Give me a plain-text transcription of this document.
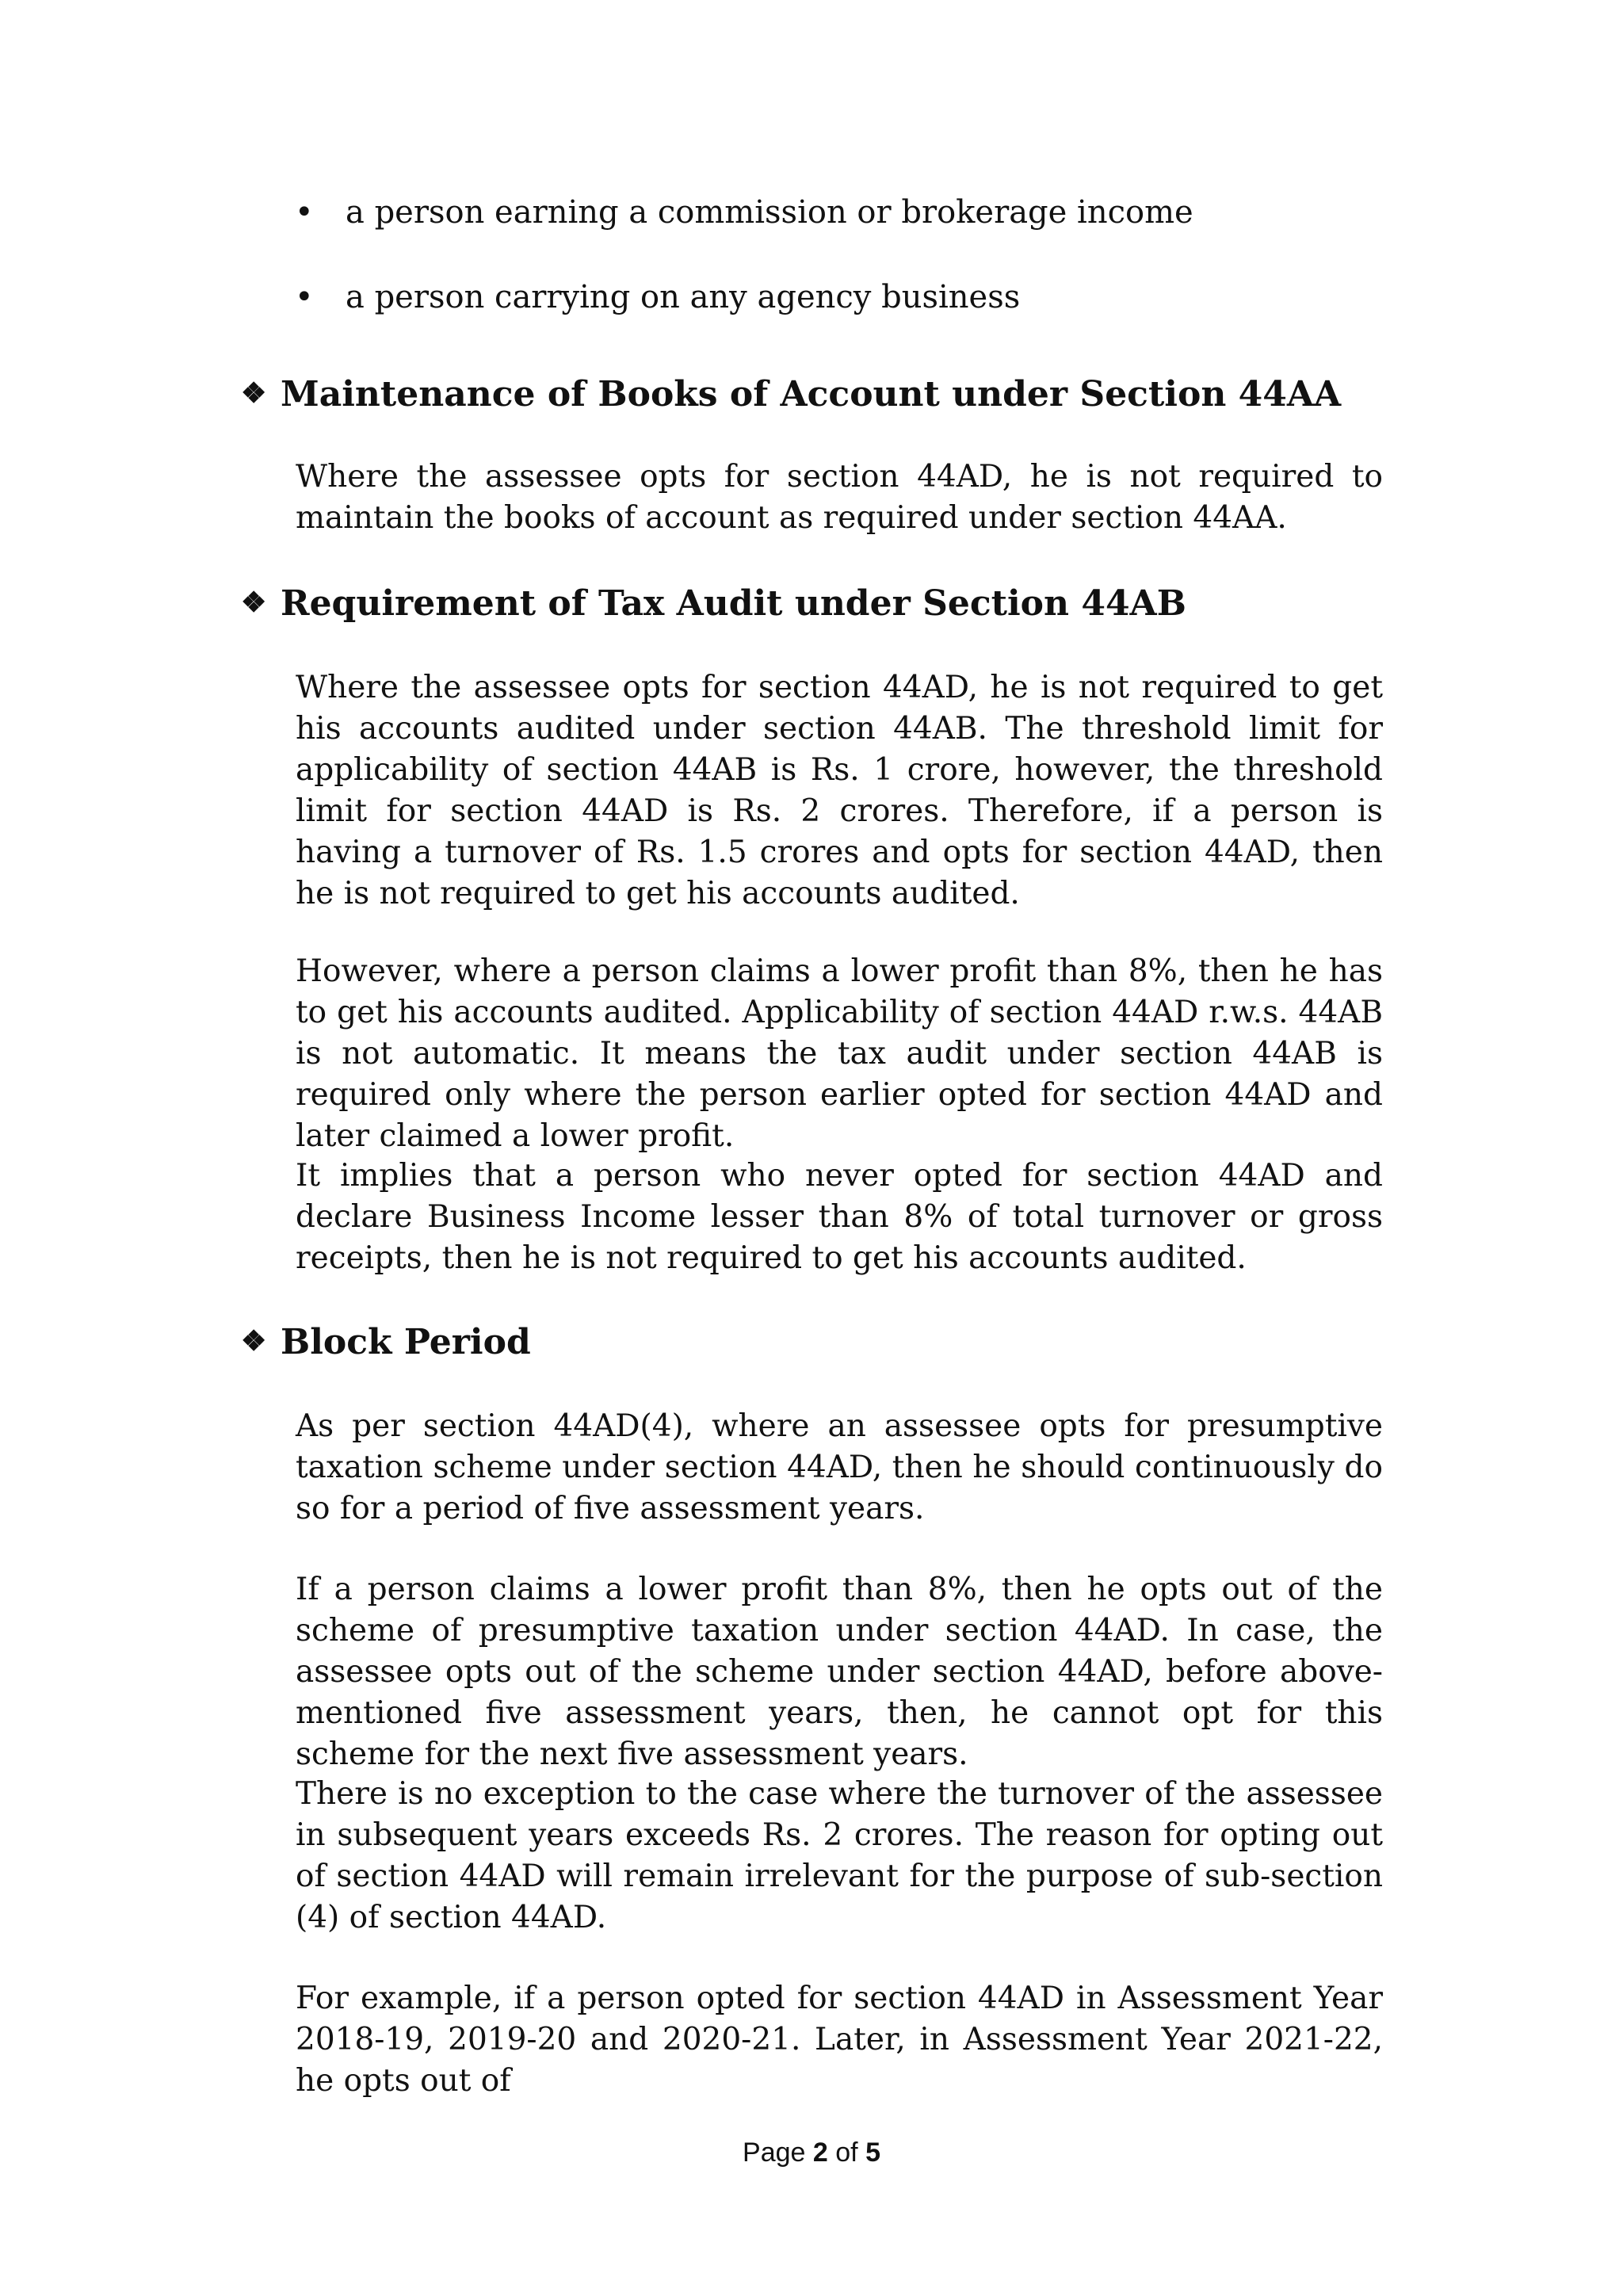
• a person earning a commission or brokerage income
• a person carrying on any agency business
❖ Maintenance of Books of Account under Section 44AA

Where the assessee opts for section 44AD, he is not required to maintain the books of account as required under section 44AA.

❖ Requirement of Tax Audit under Section 44AB

Where the assessee opts for section 44AD, he is not required to get his accounts audited under section 44AB. The threshold limit for applicability of section 44AB is Rs. 1 crore, however, the threshold limit for section 44AD is Rs. 2 crores. Therefore, if a person is having a turnover of Rs. 1.5 crores and opts for section 44AD, then he is not required to get his accounts audited.

However, where a person claims a lower profit than 8%, then he has to get his accounts audited. Applicability of section 44AD r.w.s. 44AB is not automatic. It means the tax audit under section 44AB is required only where the person earlier opted for section 44AD and later claimed a lower profit.

It implies that a person who never opted for section 44AD and declare Business Income lesser than 8% of total turnover or gross receipts, then he is not required to get his accounts audited.

❖ Block Period

As per section 44AD(4), where an assessee opts for presumptive taxation scheme under section 44AD, then he should continuously do so for a period of five assessment years.

If a person claims a lower profit than 8%, then he opts out of the scheme of presumptive taxation under section 44AD. In case, the assessee opts out of the scheme under section 44AD, before above-mentioned five assessment years, then, he cannot opt for this scheme for the next five assessment years.

There is no exception to the case where the turnover of the assessee in subsequent years exceeds Rs. 2 crores. The reason for opting out of section 44AD will remain irrelevant for the purpose of sub-section (4) of section 44AD.

For example, if a person opted for section 44AD in Assessment Year 2018-19, 2019-20 and 2020-21. Later, in Assessment Year 2021-22, he opts out of

Page 2 of 5
